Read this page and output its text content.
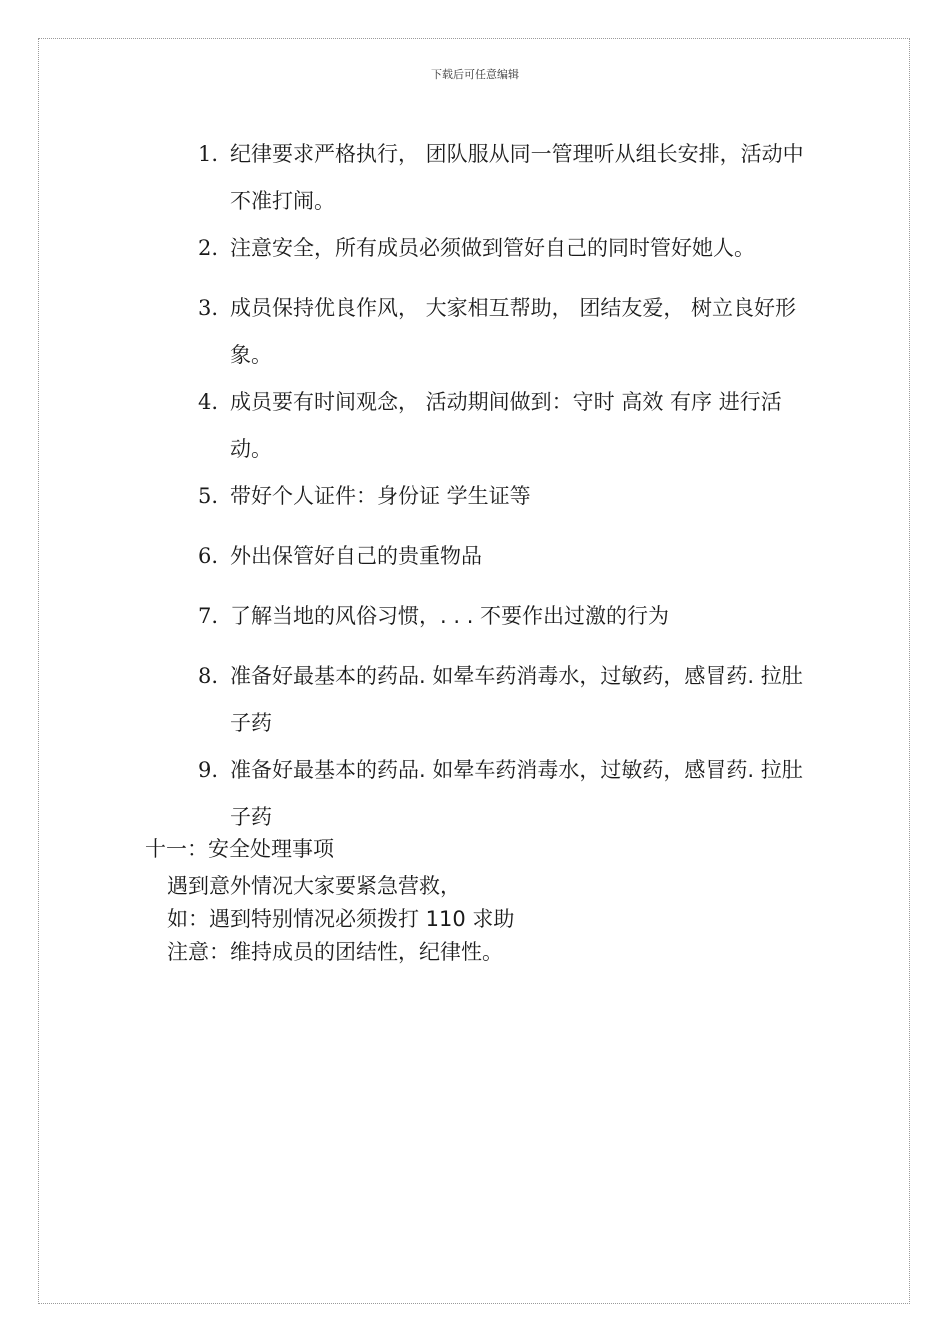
下载后可任意编辑
1. 纪律要求严格执行， 团队服从同一管理听从组长安排，活动中不准打闹。
2. 注意安全，所有成员必须做到管好自己的同时管好她人。
3. 成员保持优良作风， 大家相互帮助， 团结友爱， 树立良好形象。
4. 成员要有时间观念， 活动期间做到：守时 高效 有序 进行活动。
5. 带好个人证件：身份证 学生证等
6. 外出保管好自己的贵重物品
7. 了解当地的风俗习惯，. . . 不要作出过激的行为
8. 准备好最基本的药品. 如晕车药消毒水，过敏药，感冒药. 拉肚子药
9. 准备好最基本的药品. 如晕车药消毒水，过敏药，感冒药. 拉肚子药
十一：安全处理事项
遇到意外情况大家要紧急营救，
如：遇到特别情况必须拨打 110 求助
注意：维持成员的团结性，纪律性。
